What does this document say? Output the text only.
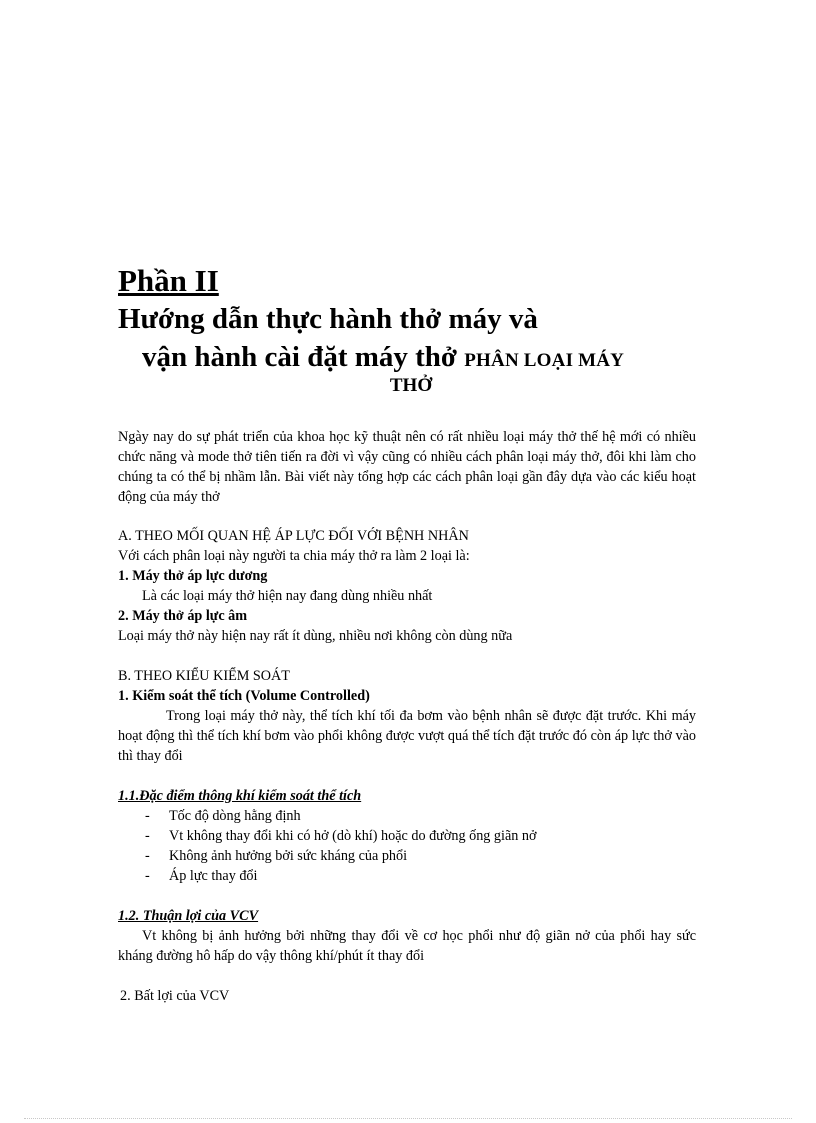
Phần II

Hướng dẫn thực hành thở máy và

vận hành cài đặt máy thở PHÂN LOẠI MÁY

THỞ

Ngày nay do sự phát triển của khoa học kỹ thuật nên có rất nhiều loại máy thở thế hệ mới có nhiều chức năng và mode thở tiên tiến ra đời vì vậy cũng có nhiều cách phân loại máy thở, đôi khi làm cho chúng ta có thể bị nhầm lẫn. Bài viết này tổng hợp các cách phân loại gần đây dựa vào các kiểu hoạt động của máy thở
A. THEO MỐI QUAN HỆ ÁP LỰC ĐỐI VỚI BỆNH NHÂN
Với cách phân loại này người ta chia máy thở ra làm 2 loại là:
1. Máy thở áp lực dương
Là các loại máy thở hiện nay đang dùng nhiều nhất
2. Máy thở áp lực âm
Loại máy thở này hiện nay rất ít dùng, nhiều nơi không còn dùng nữa
B. THEO KIỂU KIỂM SOÁT
1. Kiểm soát thể tích (Volume Controlled)
Trong loại máy thở này, thể tích khí tối đa bơm vào bệnh nhân sẽ được đặt trước. Khi máy hoạt động thì thể tích khí bơm vào phổi không được vượt quá thể tích đặt trước đó còn áp lực thở vào thì thay đổi
1.1.Đặc điểm thông khí kiểm soát thể tích
- Tốc độ dòng hằng định
- Vt không thay đổi khi có hở (dò khí) hoặc do đường ống giãn nở
- Không ảnh hưởng bởi sức kháng của phổi
- Áp lực thay đổi
1.2. Thuận lợi của VCV
Vt không bị ảnh hưởng bởi những thay đổi về cơ học phổi như độ giãn nở của phổi hay sức kháng đường hô hấp do vậy thông khí/phút ít thay đổi
2. Bất lợi của VCV
